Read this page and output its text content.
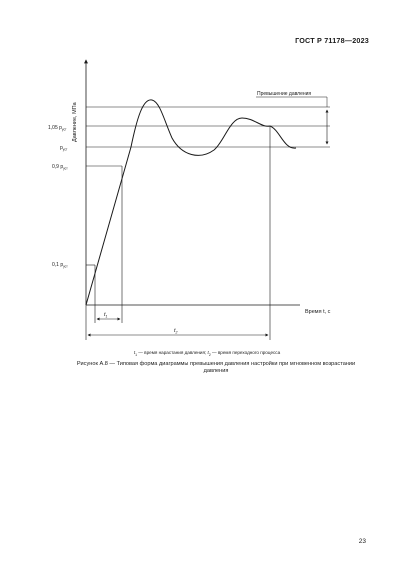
ГОСТ Р 71178—2023
Давление, МПа
Время t, с
1,05 $p_{уст}$
$p_{уст}$
0,9 $p_{уст}$
0,1 $p_{уст}$
Превышение давления
$t_1$
$t_2$
$t_1$ — время нарастания давления; $t_2$ — время переходного процесса
Рисунок А.8 — Типовая форма диаграммы превышения давления настройки при мгновенном возрастании давления
23
